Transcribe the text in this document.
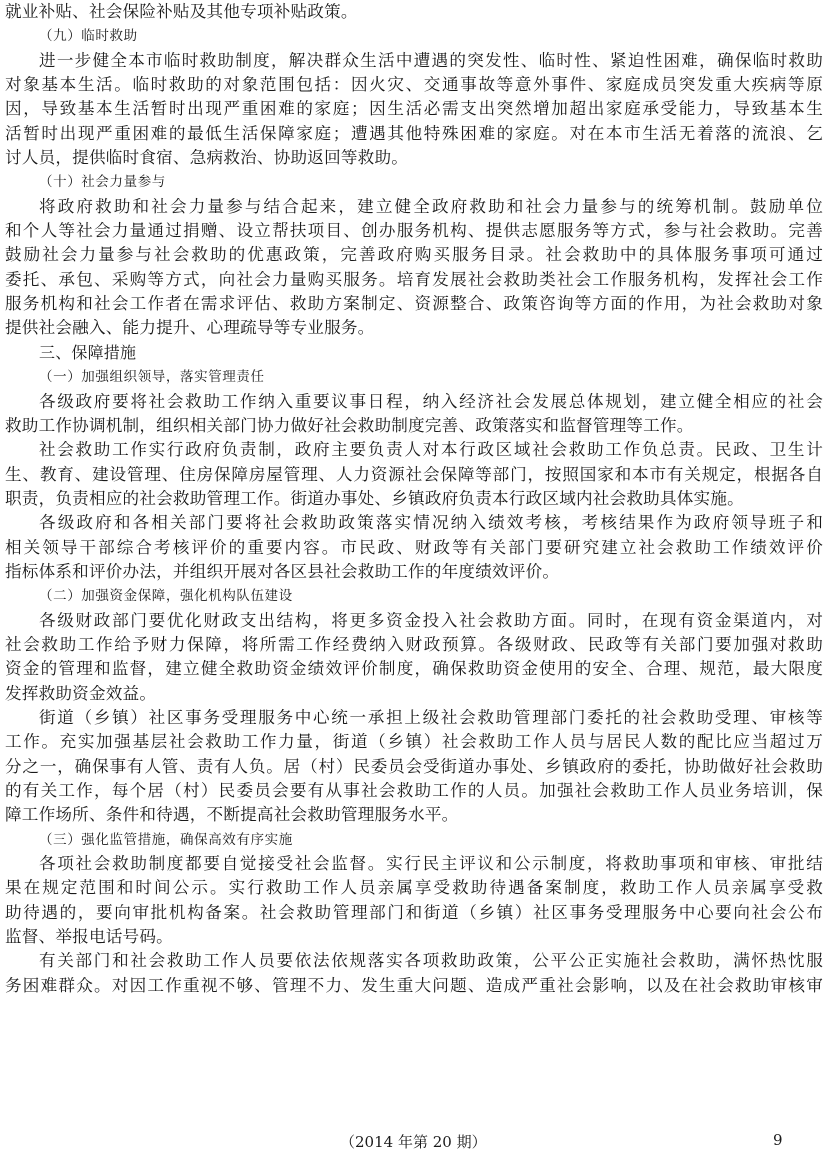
就业补贴、社会保险补贴及其他专项补贴政策。
（九）临时救助
进一步健全本市临时救助制度，解决群众生活中遭遇的突发性、临时性、紧迫性困难，确保临时救助
对象基本生活。临时救助的对象范围包括：因火灾、交通事故等意外事件、家庭成员突发重大疾病等原
因，导致基本生活暂时出现严重困难的家庭；因生活必需支出突然增加超出家庭承受能力，导致基本生
活暂时出现严重困难的最低生活保障家庭；遭遇其他特殊困难的家庭。对在本市生活无着落的流浪、乞
讨人员，提供临时食宿、急病救治、协助返回等救助。
（十）社会力量参与
将政府救助和社会力量参与结合起来，建立健全政府救助和社会力量参与的统筹机制。鼓励单位
和个人等社会力量通过捐赠、设立帮扶项目、创办服务机构、提供志愿服务等方式，参与社会救助。完善
鼓励社会力量参与社会救助的优惠政策，完善政府购买服务目录。社会救助中的具体服务事项可通过
委托、承包、采购等方式，向社会力量购买服务。培育发展社会救助类社会工作服务机构，发挥社会工作
服务机构和社会工作者在需求评估、救助方案制定、资源整合、政策咨询等方面的作用，为社会救助对象
提供社会融入、能力提升、心理疏导等专业服务。
三、保障措施
（一）加强组织领导，落实管理责任
各级政府要将社会救助工作纳入重要议事日程，纳入经济社会发展总体规划，建立健全相应的社会
救助工作协调机制，组织相关部门协力做好社会救助制度完善、政策落实和监督管理等工作。
社会救助工作实行政府负责制，政府主要负责人对本行政区域社会救助工作负总责。民政、卫生计
生、教育、建设管理、住房保障房屋管理、人力资源社会保障等部门，按照国家和本市有关规定，根据各自
职责，负责相应的社会救助管理工作。街道办事处、乡镇政府负责本行政区域内社会救助具体实施。
各级政府和各相关部门要将社会救助政策落实情况纳入绩效考核，考核结果作为政府领导班子和
相关领导干部综合考核评价的重要内容。市民政、财政等有关部门要研究建立社会救助工作绩效评价
指标体系和评价办法，并组织开展对各区县社会救助工作的年度绩效评价。
（二）加强资金保障，强化机构队伍建设
各级财政部门要优化财政支出结构，将更多资金投入社会救助方面。同时，在现有资金渠道内，对
社会救助工作给予财力保障，将所需工作经费纳入财政预算。各级财政、民政等有关部门要加强对救助
资金的管理和监督，建立健全救助资金绩效评价制度，确保救助资金使用的安全、合理、规范，最大限度
发挥救助资金效益。
街道（乡镇）社区事务受理服务中心统一承担上级社会救助管理部门委托的社会救助受理、审核等
工作。充实加强基层社会救助工作力量，街道（乡镇）社会救助工作人员与居民人数的配比应当超过万
分之一，确保事有人管、责有人负。居（村）民委员会受街道办事处、乡镇政府的委托，协助做好社会救助
的有关工作，每个居（村）民委员会要有从事社会救助工作的人员。加强社会救助工作人员业务培训，保
障工作场所、条件和待遇，不断提高社会救助管理服务水平。
（三）强化监管措施，确保高效有序实施
各项社会救助制度都要自觉接受社会监督。实行民主评议和公示制度，将救助事项和审核、审批结
果在规定范围和时间公示。实行救助工作人员亲属享受救助待遇备案制度，救助工作人员亲属享受救
助待遇的，要向审批机构备案。社会救助管理部门和街道（乡镇）社区事务受理服务中心要向社会公布
监督、举报电话号码。
有关部门和社会救助工作人员要依法依规落实各项救助政策，公平公正实施社会救助，满怀热忱服
务困难群众。对因工作重视不够、管理不力、发生重大问题、造成严重社会影响，以及在社会救助审核审
（2014 年第 20 期）	9
